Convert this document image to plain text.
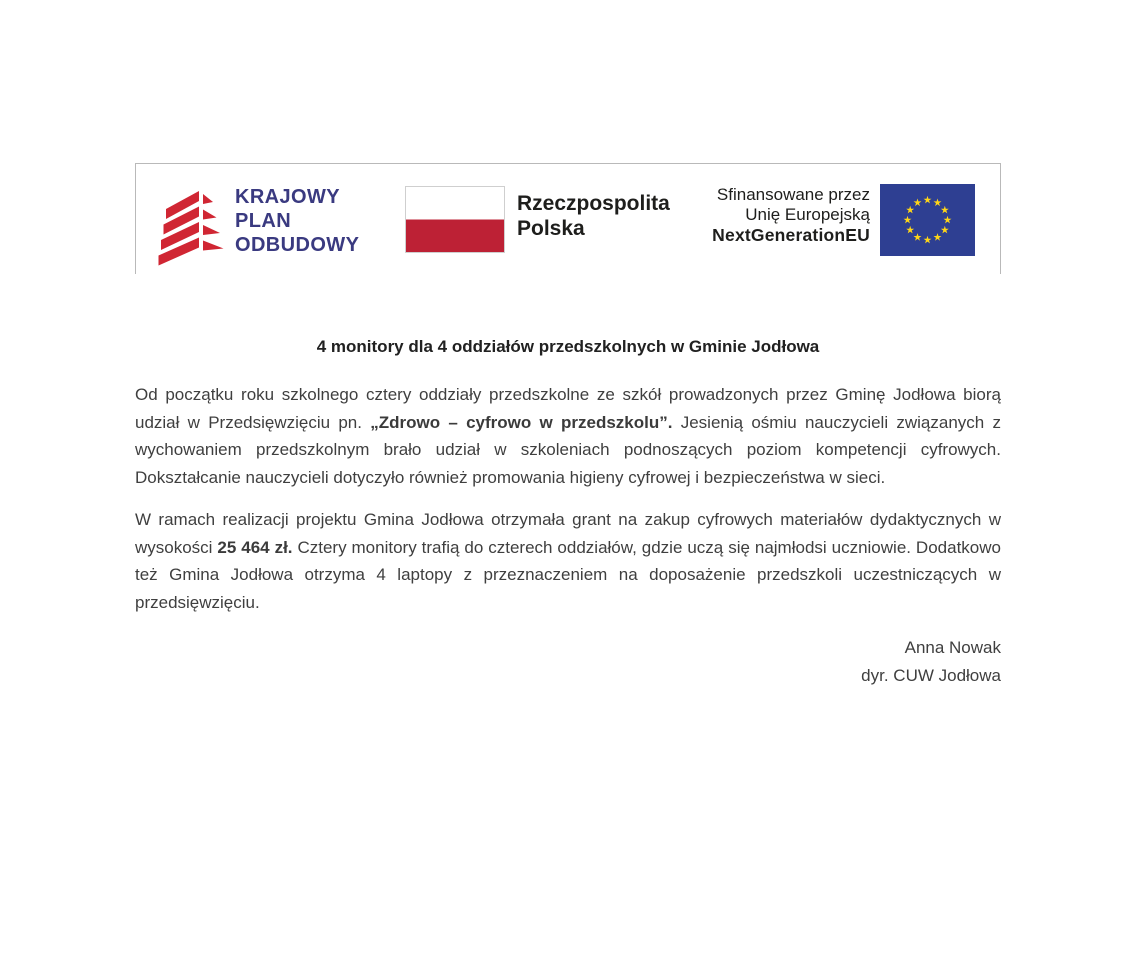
KRAJOWY
PLAN
ODBUDOWY
Rzeczpospolita
Polska
Sfinansowane przez
Unię Europejską
NextGenerationEU
4 monitory dla 4 oddziałów przedszkolnych w Gminie Jodłowa

Od początku roku szkolnego cztery oddziały przedszkolne ze szkół prowadzonych przez Gminę Jodłowa biorą udział w Przedsięwzięciu pn. „Zdrowo – cyfrowo w przedszkolu”. Jesienią ośmiu nauczycieli związanych z wychowaniem przedszkolnym brało udział w szkoleniach podnoszących poziom kompetencji cyfrowych. Dokształcanie nauczycieli dotyczyło również promowania higieny cyfrowej i bezpieczeństwa w sieci.

W ramach realizacji projektu Gmina Jodłowa otrzymała grant na zakup cyfrowych materiałów dydaktycznych w wysokości 25 464 zł. Cztery monitory trafią do czterech oddziałów, gdzie uczą się najmłodsi uczniowie. Dodatkowo też Gmina Jodłowa otrzyma 4 laptopy z przeznaczeniem na doposażenie przedszkoli uczestniczących w przedsięwzięciu.

Anna Nowak
dyr. CUW Jodłowa
